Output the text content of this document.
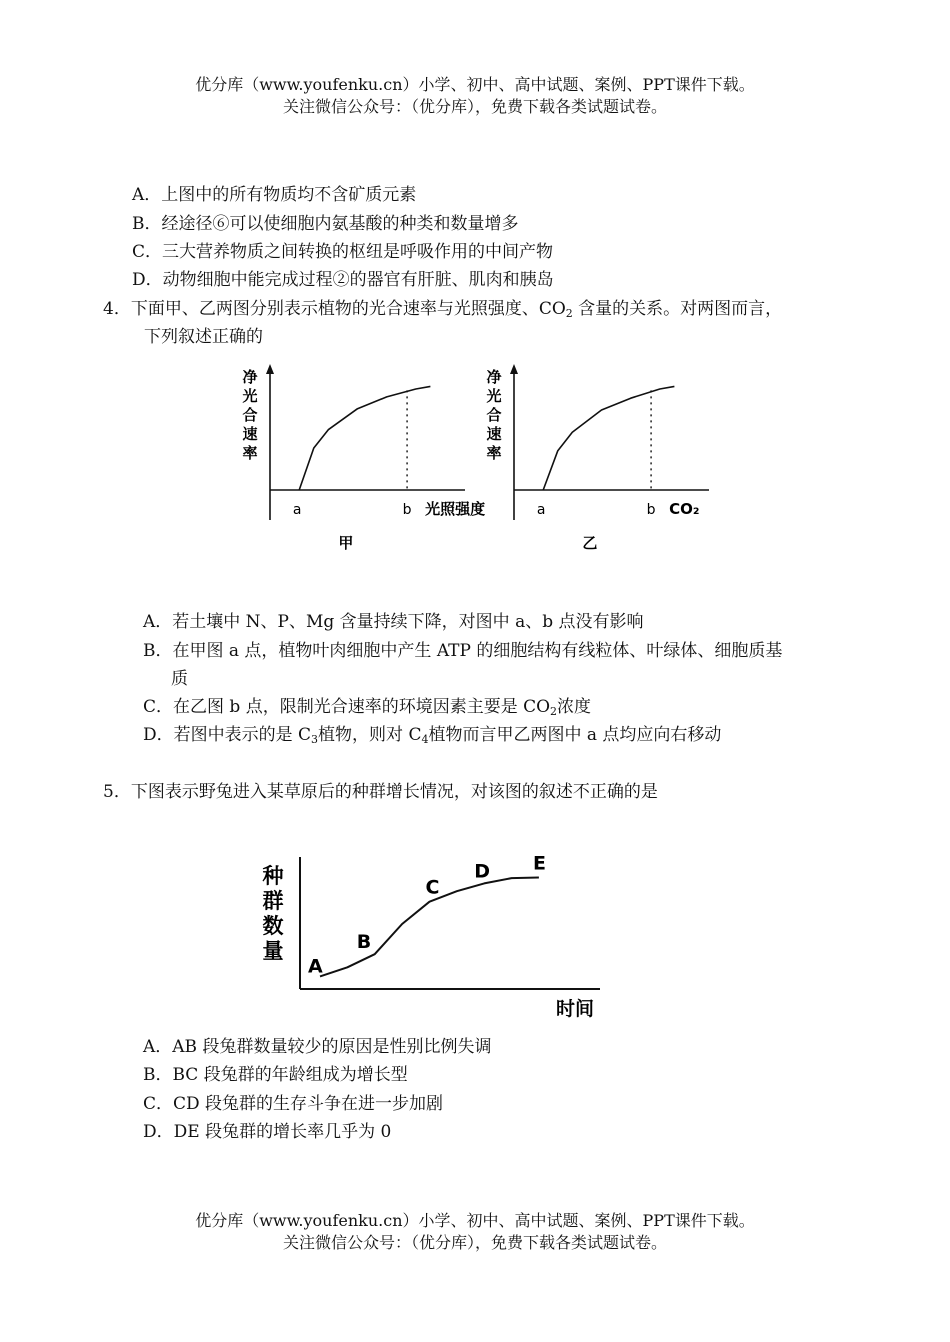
优分库（www.youfenku.cn）小学、初中、高中试题、案例、PPT课件下载。
关注微信公众号：（优分库），免费下载各类试题试卷。
A．上图中的所有物质均不含矿质元素
B．经途径⑥可以使细胞内氨基酸的种类和数量增多
C．三大营养物质之间转换的枢纽是呼吸作用的中间产物
D．动物细胞中能完成过程②的器官有肝脏、肌肉和胰岛
4．下面甲、乙两图分别表示植物的光合速率与光照强度、$CO_2$ 含量的关系。对两图而言，
下列叙述正确的
净光合速率
a	b 光照强度
甲
净光合速率
a	b CO₂
乙
A．若土壤中 N、P、Mg 含量持续下降，对图中 a、b 点没有影响
B．在甲图 a 点，植物叶肉细胞中产生 ATP 的细胞结构有线粒体、叶绿体、细胞质基
质
C．在乙图 b 点，限制光合速率的环境因素主要是 $CO_2$浓度
D．若图中表示的是 $C_3$植物，则对 $C_4$植物而言甲乙两图中 a 点均应向右移动
5．下图表示野兔进入某草原后的种群增长情况，对该图的叙述不正确的是
种群数量
时间
A
B
C
D E
A．AB 段兔群数量较少的原因是性别比例失调
B．BC 段兔群的年龄组成为增长型
C．CD 段兔群的生存斗争在进一步加剧
D．DE 段兔群的增长率几乎为 0
优分库（www.youfenku.cn）小学、初中、高中试题、案例、PPT课件下载。
关注微信公众号：（优分库），免费下载各类试题试卷。
